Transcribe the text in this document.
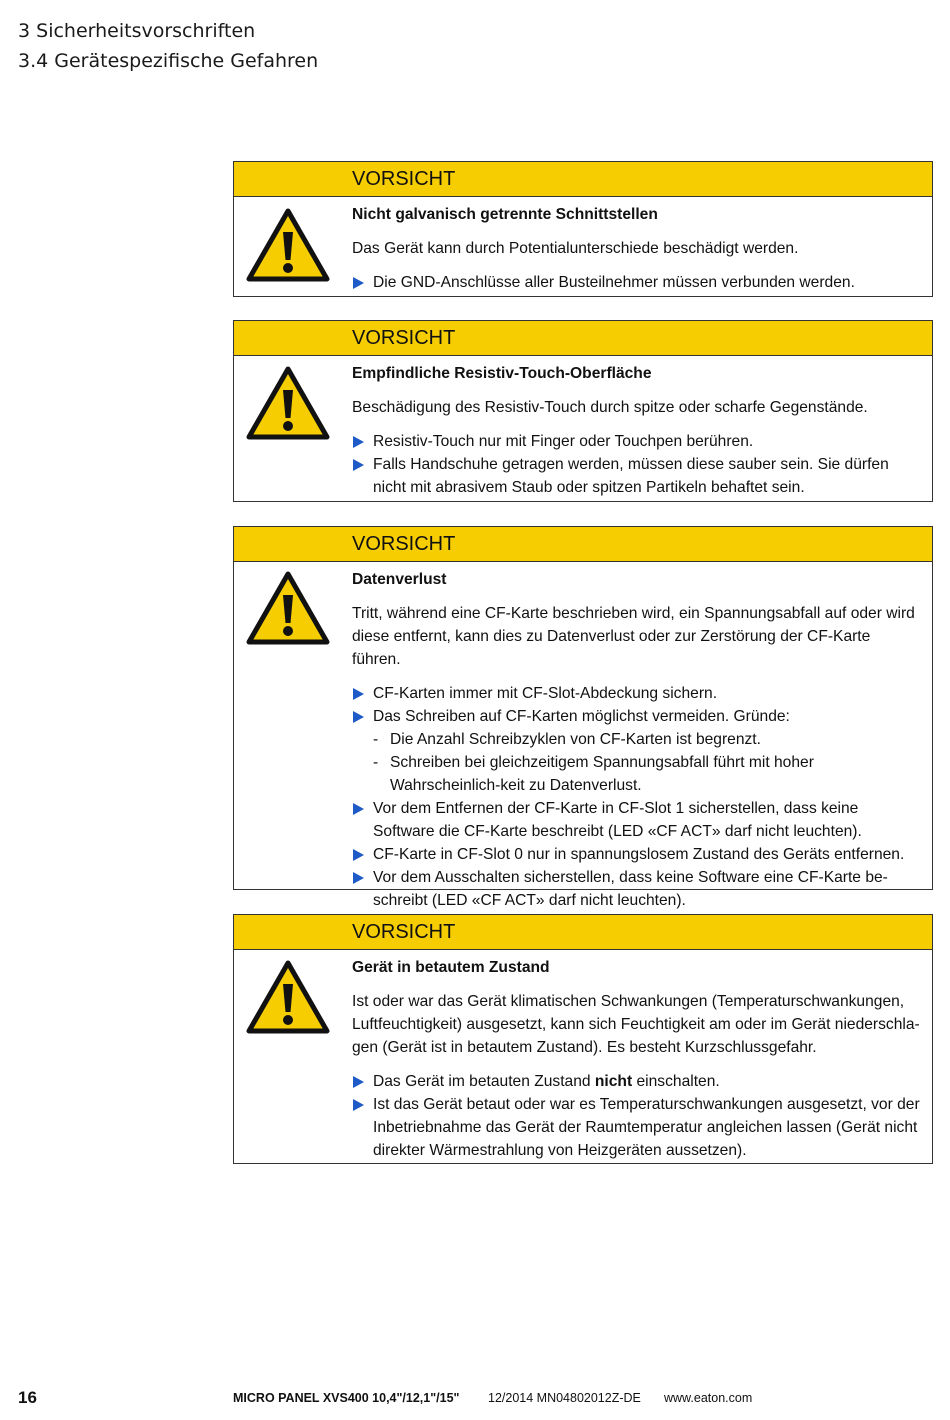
3 Sicherheitsvorschriften
3.4 Gerätespezifische Gefahren
VORSICHT
Nicht galvanisch getrennte Schnittstellen
Das Gerät kann durch Potentialunterschiede beschädigt werden.
Die GND-Anschlüsse aller Busteilnehmer müssen verbunden werden.
VORSICHT
Empfindliche Resistiv-Touch-Oberfläche
Beschädigung des Resistiv-Touch durch spitze oder scharfe Gegenstände.
Resistiv-Touch nur mit Finger oder Touchpen berühren.
Falls Handschuhe getragen werden, müssen diese sauber sein. Sie dürfen nicht mit abrasivem Staub oder spitzen Partikeln behaftet sein.
VORSICHT
Datenverlust
Tritt, während eine CF-Karte beschrieben wird, ein Spannungsabfall auf oder wird diese entfernt, kann dies zu Datenverlust oder zur Zerstörung der CF-Karte führen.
CF-Karten immer mit CF-Slot-Abdeckung sichern.
Das Schreiben auf CF-Karten möglichst vermeiden. Gründe:
- Die Anzahl Schreibzyklen von CF-Karten ist begrenzt.
- Schreiben bei gleichzeitigem Spannungsabfall führt mit hoher Wahrscheinlich-keit zu Datenverlust.
Vor dem Entfernen der CF-Karte in CF-Slot 1 sicherstellen, dass keine Software die CF-Karte beschreibt (LED «CF ACT» darf nicht leuchten).
CF-Karte in CF-Slot 0 nur in spannungslosem Zustand des Geräts entfernen.
Vor dem Ausschalten sicherstellen, dass keine Software eine CF-Karte be-schreibt (LED «CF ACT» darf nicht leuchten).
VORSICHT
Gerät in betautem Zustand
Ist oder war das Gerät klimatischen Schwankungen (Temperaturschwankungen, Luftfeuchtigkeit) ausgesetzt, kann sich Feuchtigkeit am oder im Gerät niederschla-gen (Gerät ist in betautem Zustand). Es besteht Kurzschlussgefahr.
Das Gerät im betauten Zustand nicht einschalten.
Ist das Gerät betaut oder war es Temperaturschwankungen ausgesetzt, vor der Inbetriebnahme das Gerät der Raumtemperatur angleichen lassen (Gerät nicht direkter Wärmestrahlung von Heizgeräten aussetzen).
16	MICRO PANEL XVS400 10,4"/12,1"/15" 12/2014 MN04802012Z-DE www.eaton.com
